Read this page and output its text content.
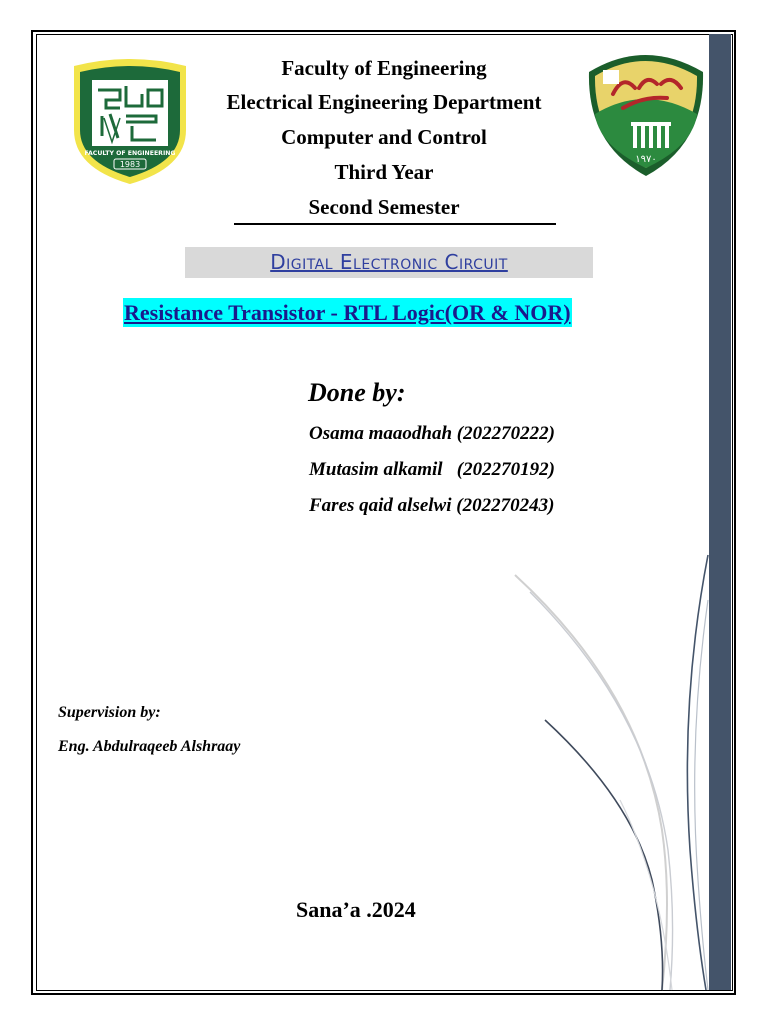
FACULTY OF ENGINEERING
1983	١٩٧٠
Faculty of Engineering
Electrical Engineering Department
Computer and Control
Third Year
Second Semester
Digital Electronic Circuit
Resistance Transistor - RTL Logic(OR & NOR)
Done by:
Osama maaodhah (202270222)
Mutasim alkamil   (202270192)
Fares qaid alselwi (202270243)
Supervision by:
Eng. Abdulraqeeb Alshraay
Sana’a .2024
